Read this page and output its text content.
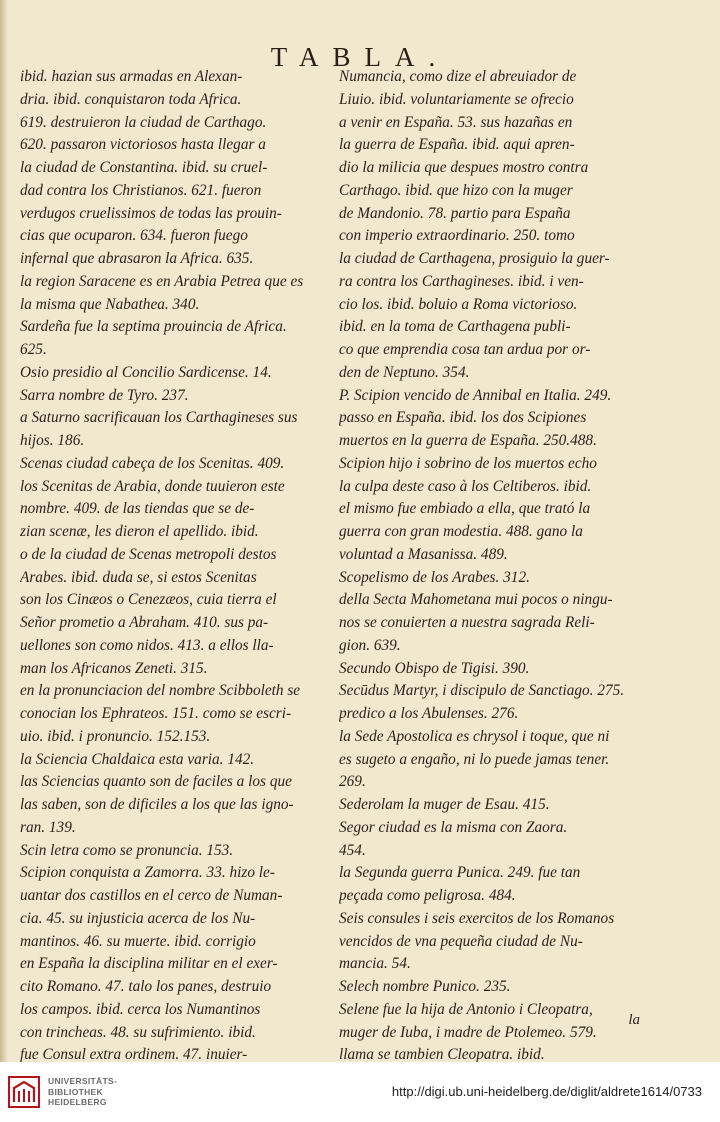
TABLA.
ibid. hazian sus armadas en Alexan-
dria. ibid. conquistaron toda Africa.
619. destruieron la ciudad de Carthago.
620. passaron victoriosos hasta llegar a
la ciudad de Constantina. ibid. su cruel-
dad contra los Christianos. 621. fueron
verdugos cruelissimos de todas las prouin-
cias que ocuparon. 634. fueron fuego
infernal que abrasaron la Africa. 635.
la region Saracene es en Arabia Petrea que es
la misma que Nabathea. 340.
Sardeña fue la septima prouincia de Africa.
625.
Osio presidio al Concilio Sardicense. 14.
Sarra nombre de Tyro. 237.
a Saturno sacrificauan los Carthagineses sus
hijos. 186.
Scenas ciudad cabeça de los Scenitas. 409.
los Scenitas de Arabia, donde tuuieron este
nombre. 409. de las tiendas que se de-
zian scenæ, les dieron el apellido. ibid.
o de la ciudad de Scenas metropoli destos
Arabes. ibid. duda se, si estos Scenitas
son los Cinæos o Cenezæos, cuia tierra el
Señor prometio a Abraham. 410. sus pa-
uellones son como nidos. 413. a ellos lla-
man los Africanos Zeneti. 315.
en la pronunciacion del nombre Scibboleth se
conocian los Ephrateos. 151. como se escri-
uio. ibid. i pronuncio. 152.153.
la Sciencia Chaldaica esta varia. 142.
las Sciencias quanto son de faciles a los que
las saben, son de dificiles a los que las igno-
ran. 139.
Scin letra como se pronuncia. 153.
Scipion conquista a Zamorra. 33. hizo le-
uantar dos castillos en el cerco de Numan-
cia. 45. su injusticia acerca de los Nu-
mantinos. 46. su muerte. ibid. corrigio
en España la disciplina militar en el exer-
cito Romano. 47. talo los panes, destruio
los campos. ibid. cerca los Numantinos
con trincheas. 48. su sufrimiento. ibid.
fue Consul extra ordinem. 47. inuier-
Numancia, como dize el abreuiador de
Liuio. ibid. voluntariamente se ofrecio
a venir en España. 53. sus hazañas en
la guerra de España. ibid. aqui apren-
dio la milicia que despues mostro contra
Carthago. ibid. que hizo con la muger
de Mandonio. 78. partio para España
con imperio extraordinario. 250. tomo
la ciudad de Carthagena, prosiguio la guer-
ra contra los Carthagineses. ibid. i ven-
cio los. ibid. boluio a Roma victorioso.
ibid. en la toma de Carthagena publi-
co que emprendia cosa tan ardua por or-
den de Neptuno. 354.
P. Scipion vencido de Annibal en Italia. 249.
passo en España. ibid. los dos Scipiones
muertos en la guerra de España. 250.488.
Scipion hijo i sobrino de los muertos echo
la culpa deste caso à los Celtiberos. ibid.
el mismo fue embiado a ella, que trató la
guerra con gran modestia. 488. gano la
voluntad a Masanissa. 489.
Scopelismo de los Arabes. 312.
della Secta Mahometana mui pocos o ningu-
nos se conuierten a nuestra sagrada Reli-
gion. 639.
Secundo Obispo de Tigisi. 390.
Secūdus Martyr, i discipulo de Sanctiago. 275.
predico a los Abulenses. 276.
la Sede Apostolica es chrysol i toque, que ni
es sugeto a engaño, ni lo puede jamas tener.
269.
Sederolam la muger de Esau. 415.
Segor ciudad es la misma con Zaora.
454.
la Segunda guerra Punica. 249. fue tan
peçada como peligrosa. 484.
Seis consules i seis exercitos de los Romanos
vencidos de vna pequeña ciudad de Nu-
mancia. 54.
Selech nombre Punico. 235.
Selene fue la hija de Antonio i Cleopatra,
muger de Iuba, i madre de Ptolemeo. 579.
llama se tambien Cleopatra. ibid.
la
UNIVERSITÄTS-
BIBLIOTHEK
HEIDELBERG
http://digi.ub.uni-heidelberg.de/diglit/aldrete1614/0733
